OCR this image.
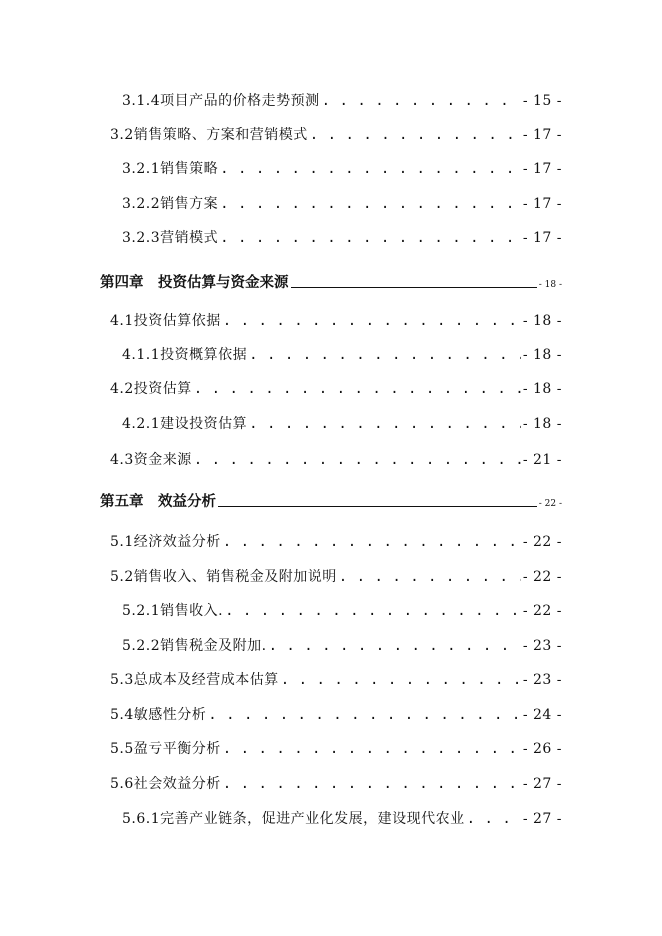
3.1.4项目产品的价格走势预测 . . .	- 15 -
3.2销售策略、方案和营销模式 . . .	- 17 -
3.2.1销售策略 . . .	- 17 -
3.2.2销售方案 . . .	- 17 -
3.2.3营销模式 . . .	- 17 -
第四章　投资估算与资金来源	- 18 -
4.1投资估算依据 . . .	- 18 -
4.1.1投资概算依据 . . .	- 18 -
4.2投资估算 . . .	- 18 -
4.2.1建设投资估算 . . .	- 18 -
4.3资金来源 . . .	- 21 -
第五章　效益分析	- 22 -
5.1经济效益分析 . . .	- 22 -
5.2销售收入、销售税金及附加说明 . . .	- 22 -
5.2.1销售收入. . . .	- 22 -
5.2.2销售税金及附加. . . .	- 23 -
5.3总成本及经营成本估算 . . .	- 23 -
5.4敏感性分析 . . .	- 24 -
5.5盈亏平衡分析 . . .	- 26 -
5.6社会效益分析 . . .	- 27 -
5.6.1完善产业链条，促进产业化发展，建设现代农业 . . .	- 27 -
